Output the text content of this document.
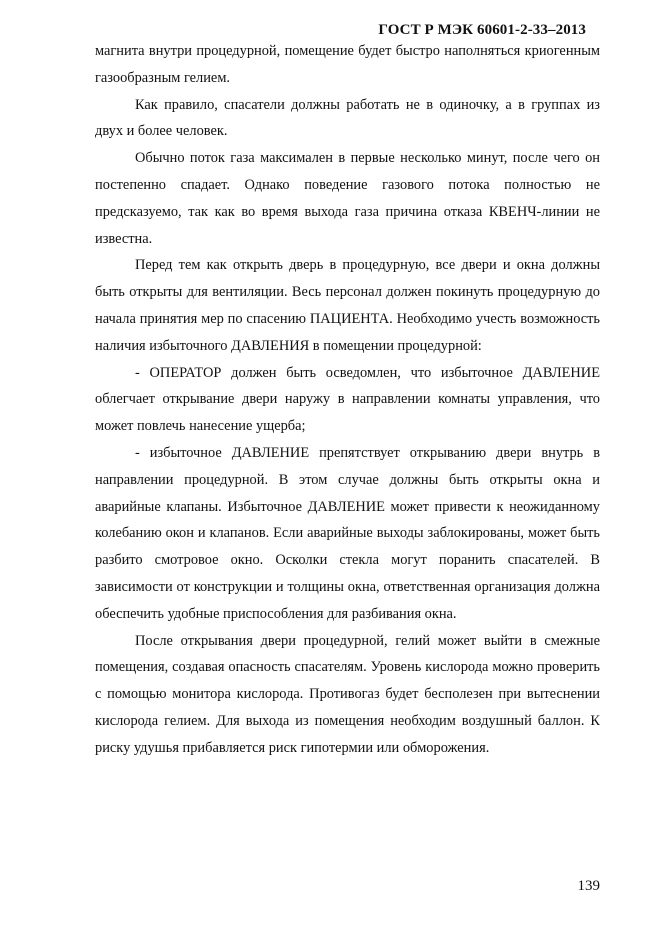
ГОСТ Р МЭК 60601-2-33–2013

магнита внутри процедурной, помещение будет быстро наполняться криогенным газообразным гелием.

Как правило, спасатели должны работать не в одиночку, а в группах из двух и более человек.

Обычно поток газа максимален в первые несколько минут, после чего он постепенно спадает. Однако поведение газового потока полностью не предсказуемо, так как во время выхода газа причина отказа КВЕНЧ-линии не известна.

Перед тем как открыть дверь в процедурную, все двери и окна должны быть открыты для вентиляции. Весь персонал должен покинуть процедурную до начала принятия мер по спасению ПАЦИЕНТА. Необходимо учесть возможность наличия избыточного ДАВЛЕНИЯ в помещении процедурной:

- ОПЕРАТОР должен быть осведомлен, что избыточное ДАВЛЕНИЕ облегчает открывание двери наружу в направлении комнаты управления, что может повлечь нанесение ущерба;

- избыточное ДАВЛЕНИЕ препятствует открыванию двери внутрь в направлении процедурной. В этом случае должны быть открыты окна и аварийные клапаны. Избыточное ДАВЛЕНИЕ может привести к неожиданному колебанию окон и клапанов. Если аварийные выходы заблокированы, может быть разбито смотровое окно. Осколки стекла могут поранить спасателей. В зависимости от конструкции и толщины окна, ответственная организация должна обеспечить удобные приспособления для разбивания окна.

После открывания двери процедурной, гелий может выйти в смежные помещения, создавая опасность спасателям. Уровень кислорода можно проверить с помощью монитора кислорода. Противогаз будет бесполезен при вытеснении кислорода гелием. Для выхода из помещения необходим воздушный баллон. К риску удушья прибавляется риск гипотермии или обморожения.

139
